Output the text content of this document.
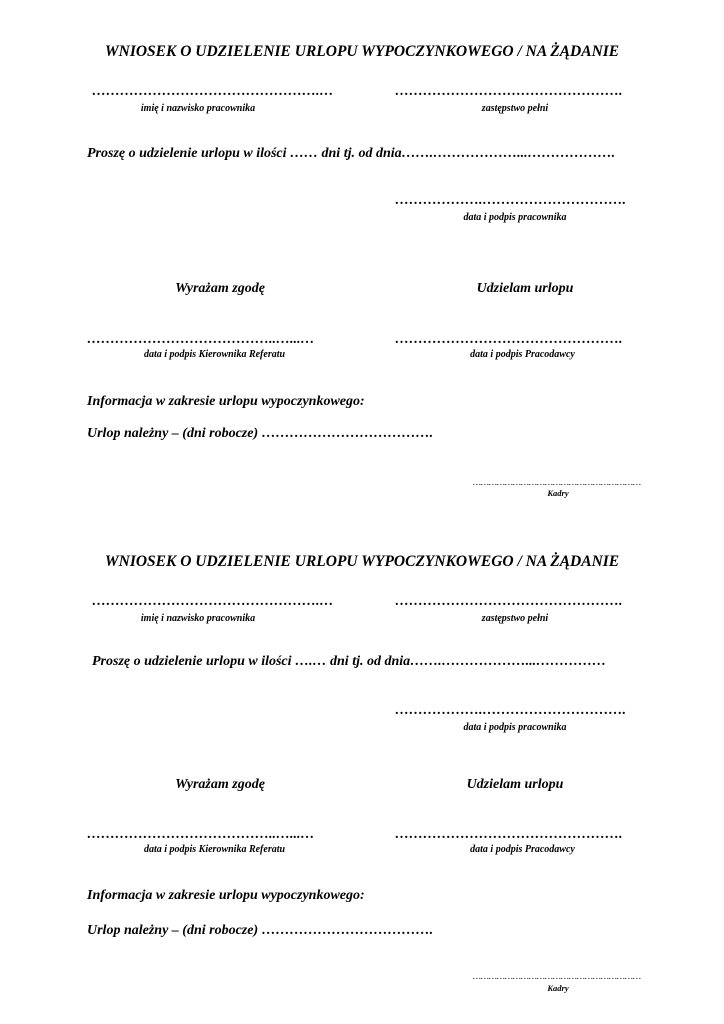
WNIOSEK O UDZIELENIE URLOPU WYPOCZYNKOWEGO / NA ŻĄDANIE
………………………………………….…
imię i nazwisko pracownika
………………………………………….
zastępstwo pełni
Proszę o udzielenie urlopu w ilości …… dni tj. od dnia…….………………...……………….
……………….………………………….
data i podpis pracownika
Wyrażam zgodę	Udzielam urlopu
…………………………………..…...…
data i podpis Kierownika Referatu
………………………………………….
data i podpis Pracodawcy
Informacja w zakresie urlopu wypoczynkowego:
Urlop należny – (dni robocze) ……………………………….
………………………………………………………
Kadry
WNIOSEK O UDZIELENIE URLOPU WYPOCZYNKOWEGO / NA ŻĄDANIE
………………………………………….…
imię i nazwisko pracownika
………………………………………….
zastępstwo pełni
Proszę o udzielenie urlopu w ilości ….… dni tj. od dnia…….………………...……………
……………….………………………….
data i podpis pracownika
Wyrażam zgodę	Udzielam urlopu
…………………………………..…...…
data i podpis Kierownika Referatu
………………………………………….
data i podpis Pracodawcy
Informacja w zakresie urlopu wypoczynkowego:
Urlop należny – (dni robocze) ……………………………….
………………………………………………………
Kadry
